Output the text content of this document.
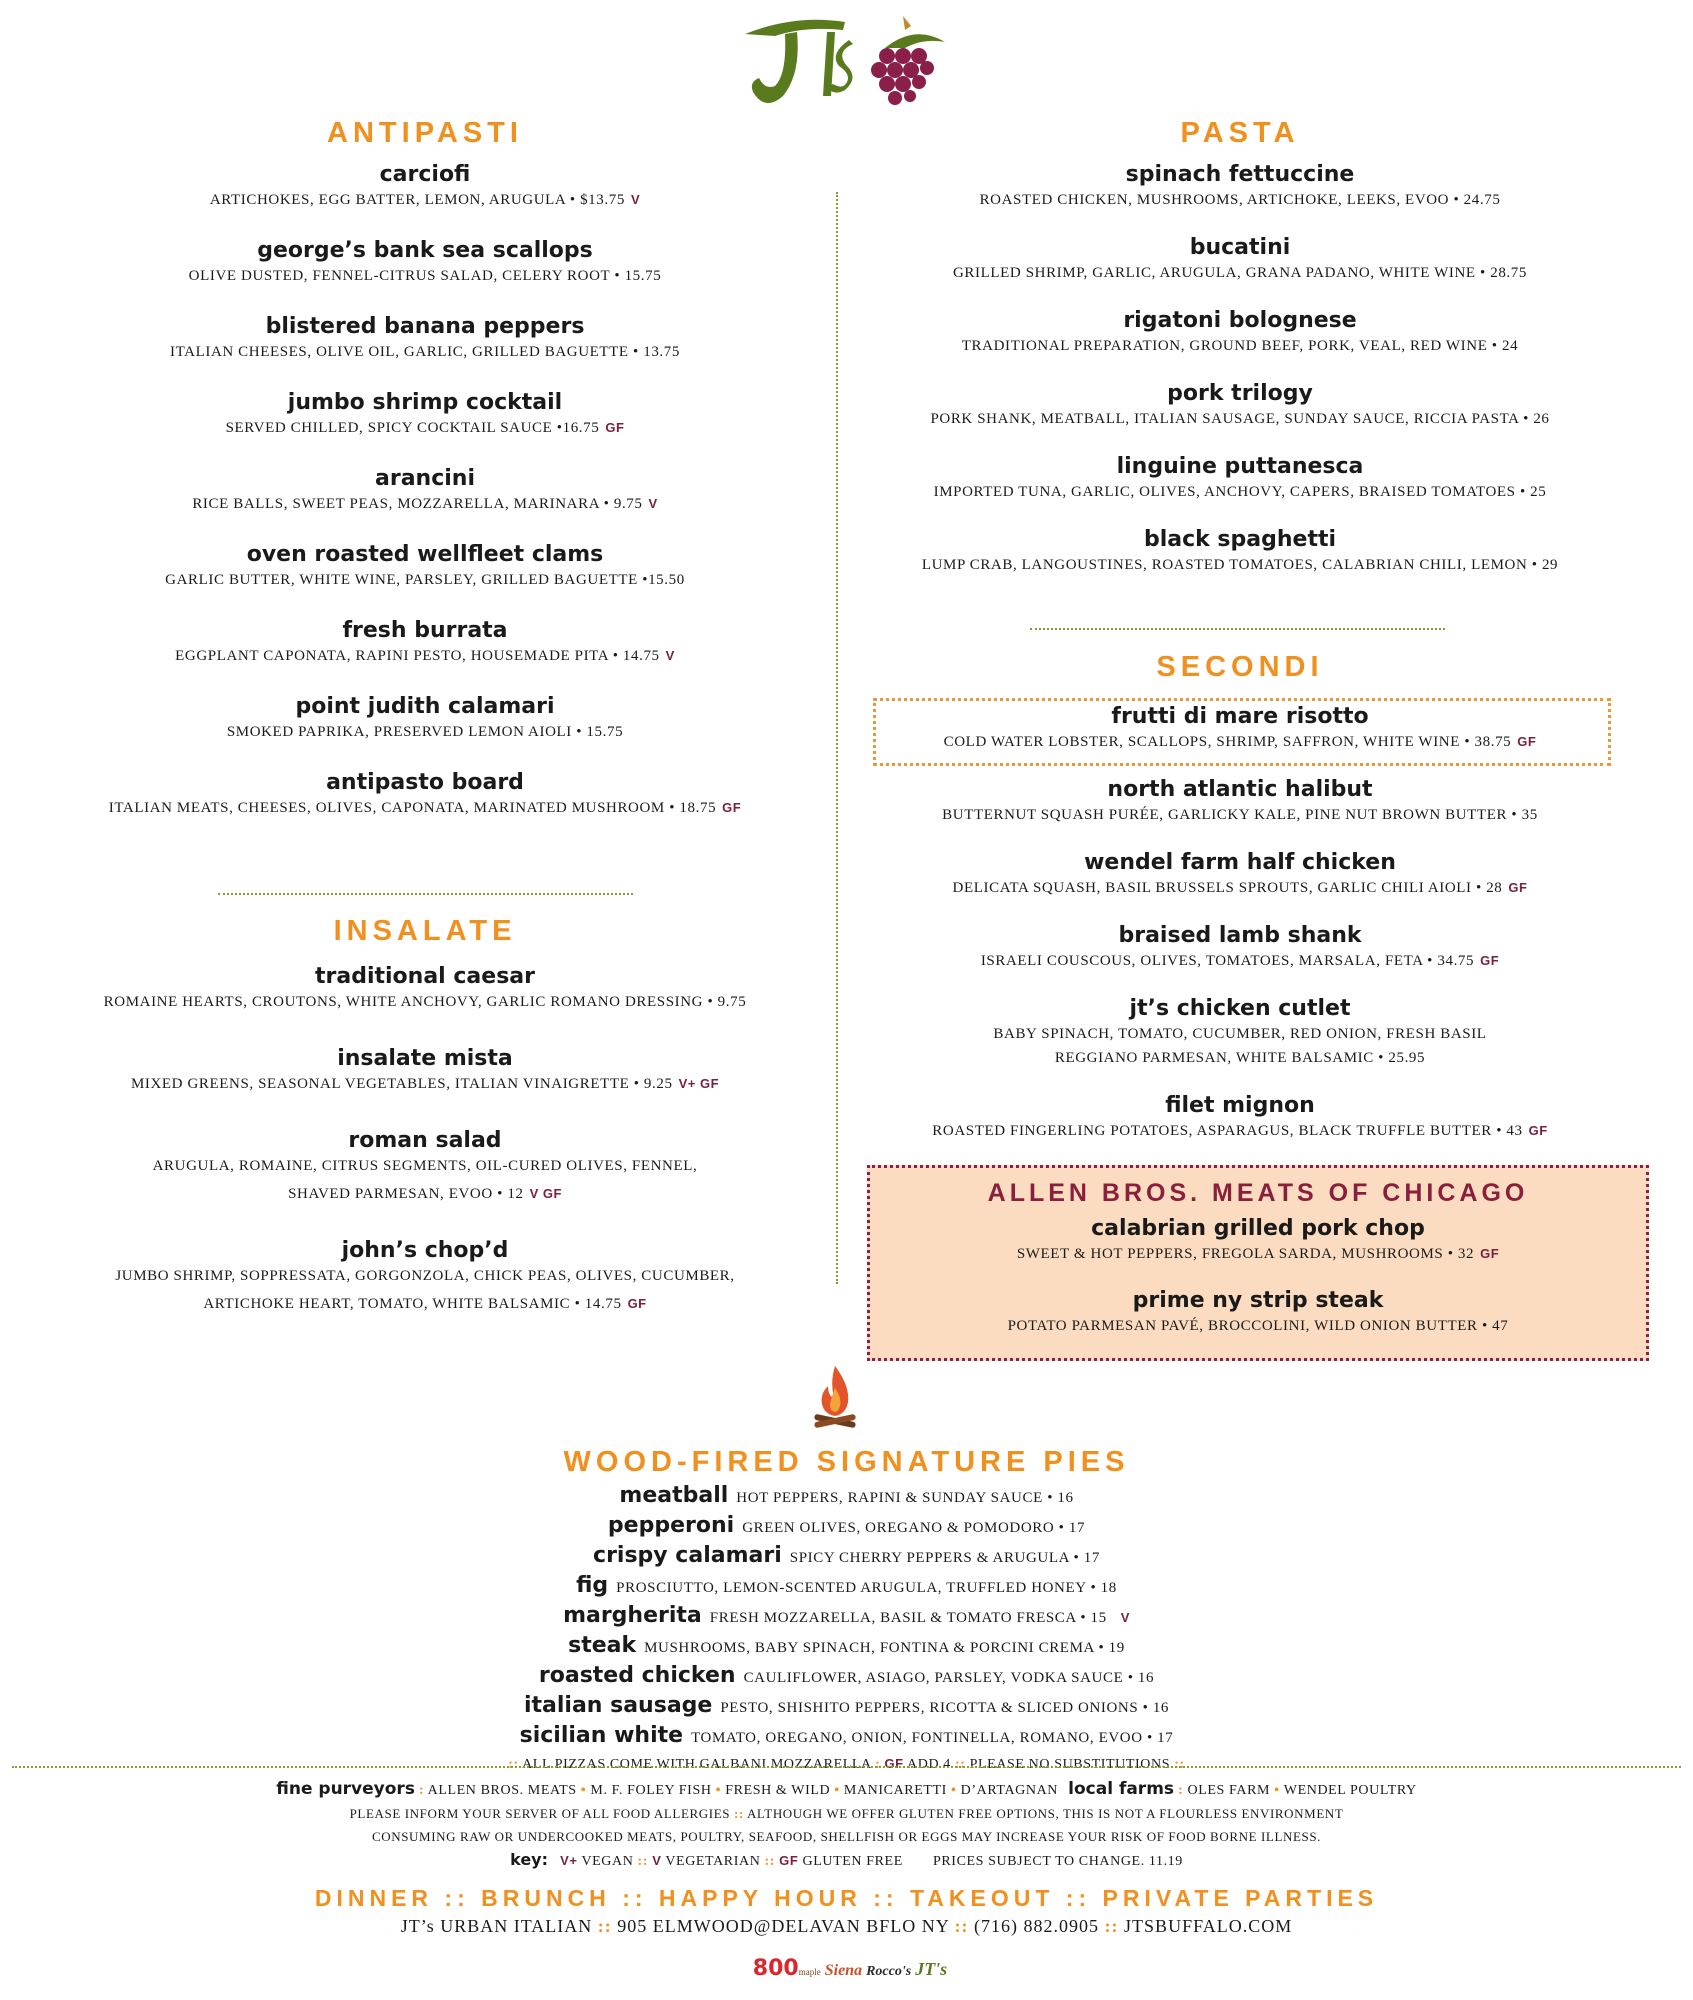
ANTIPASTI
carciofi
ARTICHOKES, EGG BATTER, LEMON, ARUGULA • $13.75 V
george’s bank sea scallops
OLIVE DUSTED, FENNEL-CITRUS SALAD, CELERY ROOT • 15.75
blistered banana peppers
ITALIAN CHEESES, OLIVE OIL, GARLIC, GRILLED BAGUETTE • 13.75
jumbo shrimp cocktail
SERVED CHILLED, SPICY COCKTAIL SAUCE •16.75 GF
arancini
RICE BALLS, SWEET PEAS, MOZZARELLA, MARINARA • 9.75 V
oven roasted wellfleet clams
GARLIC BUTTER, WHITE WINE, PARSLEY, GRILLED BAGUETTE •15.50
fresh burrata
EGGPLANT CAPONATA, RAPINI PESTO, HOUSEMADE PITA • 14.75 V
point judith calamari
SMOKED PAPRIKA, PRESERVED LEMON AIOLI • 15.75
antipasto board
ITALIAN MEATS, CHEESES, OLIVES, CAPONATA, MARINATED MUSHROOM • 18.75 GF
INSALATE
traditional caesar
ROMAINE HEARTS, CROUTONS, WHITE ANCHOVY, GARLIC ROMANO DRESSING • 9.75
insalate mista
MIXED GREENS, SEASONAL VEGETABLES, ITALIAN VINAIGRETTE • 9.25 V+ GF
roman salad
ARUGULA, ROMAINE, CITRUS SEGMENTS, OIL-CURED OLIVES, FENNEL,
SHAVED PARMESAN, EVOO • 12 V GF
john’s chop’d
JUMBO SHRIMP, SOPPRESSATA, GORGONZOLA, CHICK PEAS, OLIVES, CUCUMBER,
ARTICHOKE HEART, TOMATO, WHITE BALSAMIC • 14.75 GF
PASTA
spinach fettuccine
ROASTED CHICKEN, MUSHROOMS, ARTICHOKE, LEEKS, EVOO • 24.75
bucatini
GRILLED SHRIMP, GARLIC, ARUGULA, GRANA PADANO, WHITE WINE • 28.75
rigatoni bolognese
TRADITIONAL PREPARATION, GROUND BEEF, PORK, VEAL, RED WINE • 24
pork trilogy
PORK SHANK, MEATBALL, ITALIAN SAUSAGE, SUNDAY SAUCE, RICCIA PASTA • 26
linguine puttanesca
IMPORTED TUNA, GARLIC, OLIVES, ANCHOVY, CAPERS, BRAISED TOMATOES • 25
black spaghetti
LUMP CRAB, LANGOUSTINES, ROASTED TOMATOES, CALABRIAN CHILI, LEMON • 29
SECONDI
frutti di mare risotto
COLD WATER LOBSTER, SCALLOPS, SHRIMP, SAFFRON, WHITE WINE • 38.75 GF
north atlantic halibut
BUTTERNUT SQUASH PURÉE, GARLICKY KALE, PINE NUT BROWN BUTTER • 35
wendel farm half chicken
DELICATA SQUASH, BASIL BRUSSELS SPROUTS, GARLIC CHILI AIOLI • 28 GF
braised lamb shank
ISRAELI COUSCOUS, OLIVES, TOMATOES, MARSALA, FETA • 34.75 GF
jt’s chicken cutlet
BABY SPINACH, TOMATO, CUCUMBER, RED ONION, FRESH BASIL
REGGIANO PARMESAN, WHITE BALSAMIC • 25.95
filet mignon
ROASTED FINGERLING POTATOES, ASPARAGUS, BLACK TRUFFLE BUTTER • 43 GF
ALLEN BROS. MEATS OF CHICAGO
calabrian grilled pork chop
SWEET & HOT PEPPERS, FREGOLA SARDA, MUSHROOMS • 32 GF
prime ny strip steak
POTATO PARMESAN PAVÉ, BROCCOLINI, WILD ONION BUTTER • 47
WOOD-FIRED SIGNATURE PIES
meatball HOT PEPPERS, RAPINI & SUNDAY SAUCE • 16
pepperoni GREEN OLIVES, OREGANO & POMODORO • 17
crispy calamari SPICY CHERRY PEPPERS & ARUGULA • 17
fig PROSCIUTTO, LEMON-SCENTED ARUGULA, TRUFFLED HONEY • 18
margherita FRESH MOZZARELLA, BASIL & TOMATO FRESCA • 15 V
steak MUSHROOMS, BABY SPINACH, FONTINA & PORCINI CREMA • 19
roasted chicken CAULIFLOWER, ASIAGO, PARSLEY, VODKA SAUCE • 16
italian sausage PESTO, SHISHITO PEPPERS, RICOTTA & SLICED ONIONS • 16
sicilian white TOMATO, OREGANO, ONION, FONTINELLA, ROMANO, EVOO • 17
:: ALL PIZZAS COME WITH GALBANI MOZZARELLA : GF ADD 4 :: PLEASE NO SUBSTITUTIONS ::
fine purveyors : ALLEN BROS. MEATS • M. F. FOLEY FISH • FRESH & WILD • MANICARETTI • D’ARTAGNAN local farms : OLES FARM • WENDEL POULTRY
PLEASE INFORM YOUR SERVER OF ALL FOOD ALLERGIES :: ALTHOUGH WE OFFER GLUTEN FREE OPTIONS, THIS IS NOT A FLOURLESS ENVIRONMENT
CONSUMING RAW OR UNDERCOOKED MEATS, POULTRY, SEAFOOD, SHELLFISH OR EGGS MAY INCREASE YOUR RISK OF FOOD BORNE ILLNESS.
key: V+ VEGAN :: V VEGETARIAN :: GF GLUTEN FREE PRICES SUBJECT TO CHANGE. 11.19
DINNER :: BRUNCH :: HAPPY HOUR :: TAKEOUT :: PRIVATE PARTIES
JT’s URBAN ITALIAN :: 905 ELMWOOD@DELAVAN BFLO NY :: (716) 882.0905 :: JTSBUFFALO.COM
800maple Siena Rocco's JT's
